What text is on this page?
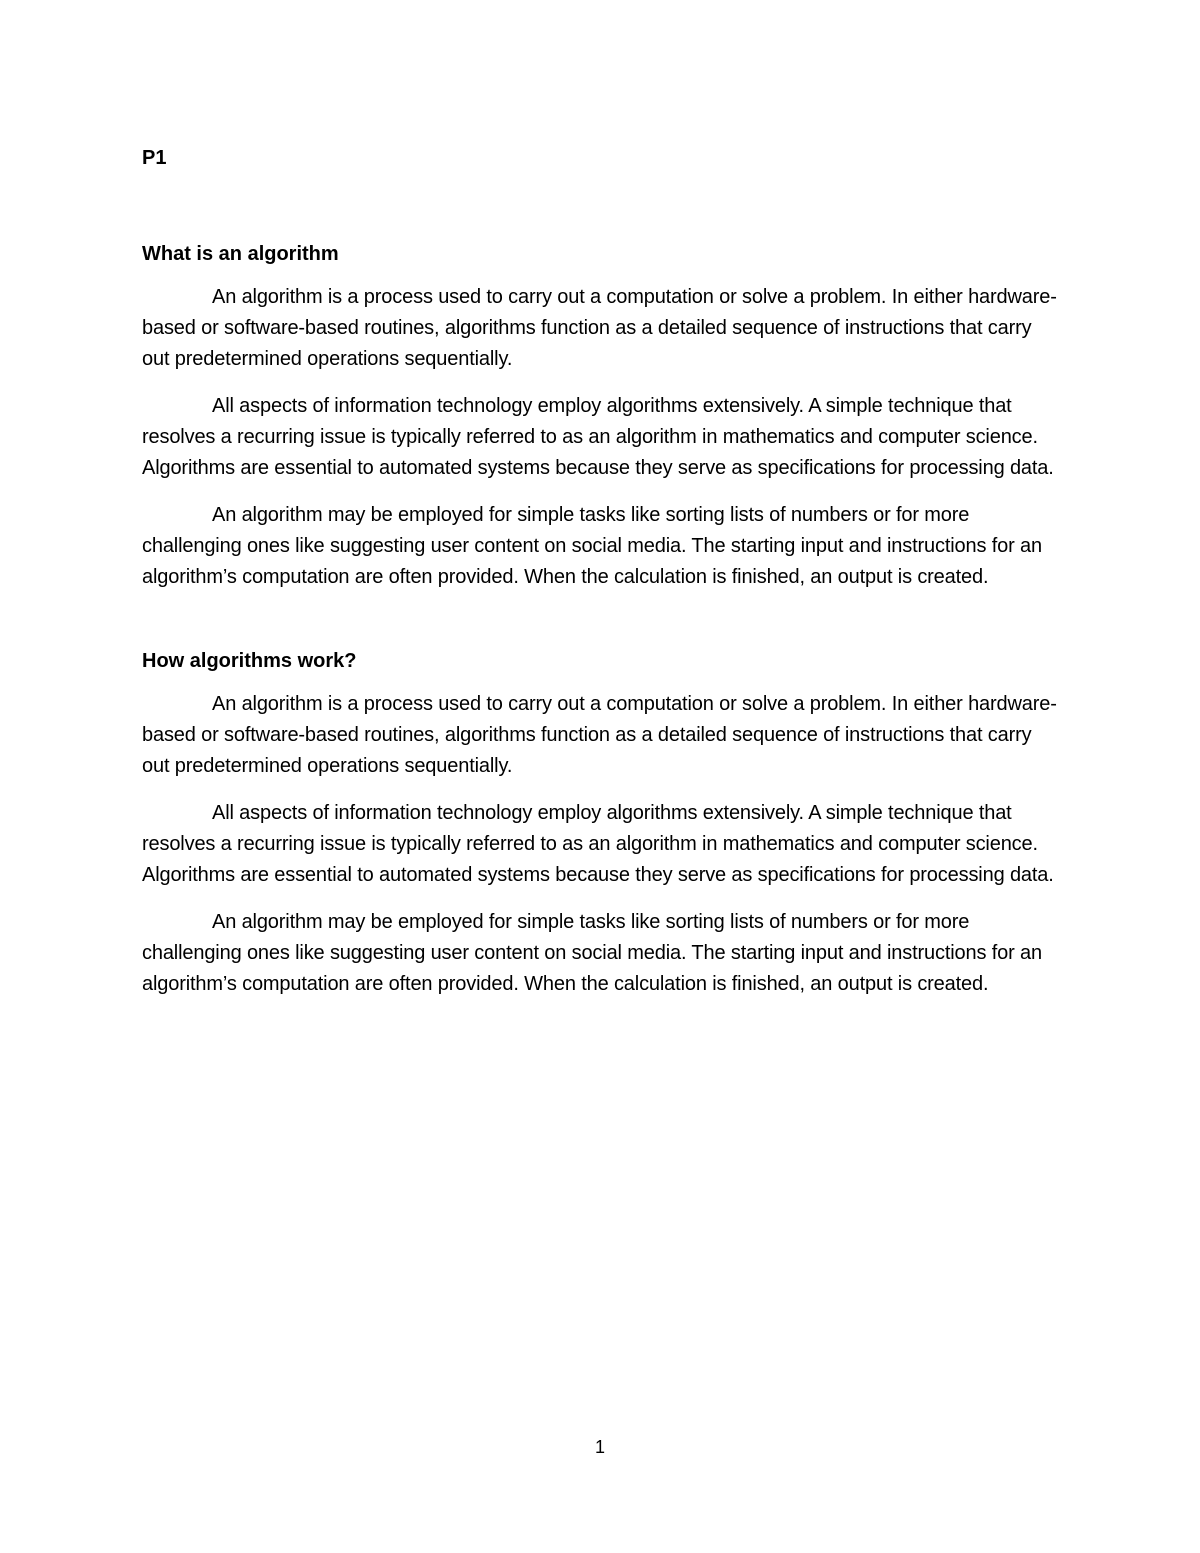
P1

What is an algorithm

An algorithm is a process used to carry out a computation or solve a problem. In either hardware-based or software-based routines, algorithms function as a detailed sequence of instructions that carry out predetermined operations sequentially.

All aspects of information technology employ algorithms extensively. A simple technique that resolves a recurring issue is typically referred to as an algorithm in mathematics and computer science. Algorithms are essential to automated systems because they serve as specifications for processing data.

An algorithm may be employed for simple tasks like sorting lists of numbers or for more challenging ones like suggesting user content on social media. The starting input and instructions for an algorithm’s computation are often provided. When the calculation is finished, an output is created.

How algorithms work?

An algorithm is a process used to carry out a computation or solve a problem. In either hardware-based or software-based routines, algorithms function as a detailed sequence of instructions that carry out predetermined operations sequentially.

All aspects of information technology employ algorithms extensively. A simple technique that resolves a recurring issue is typically referred to as an algorithm in mathematics and computer science. Algorithms are essential to automated systems because they serve as specifications for processing data.

An algorithm may be employed for simple tasks like sorting lists of numbers or for more challenging ones like suggesting user content on social media. The starting input and instructions for an algorithm’s computation are often provided. When the calculation is finished, an output is created.

1
